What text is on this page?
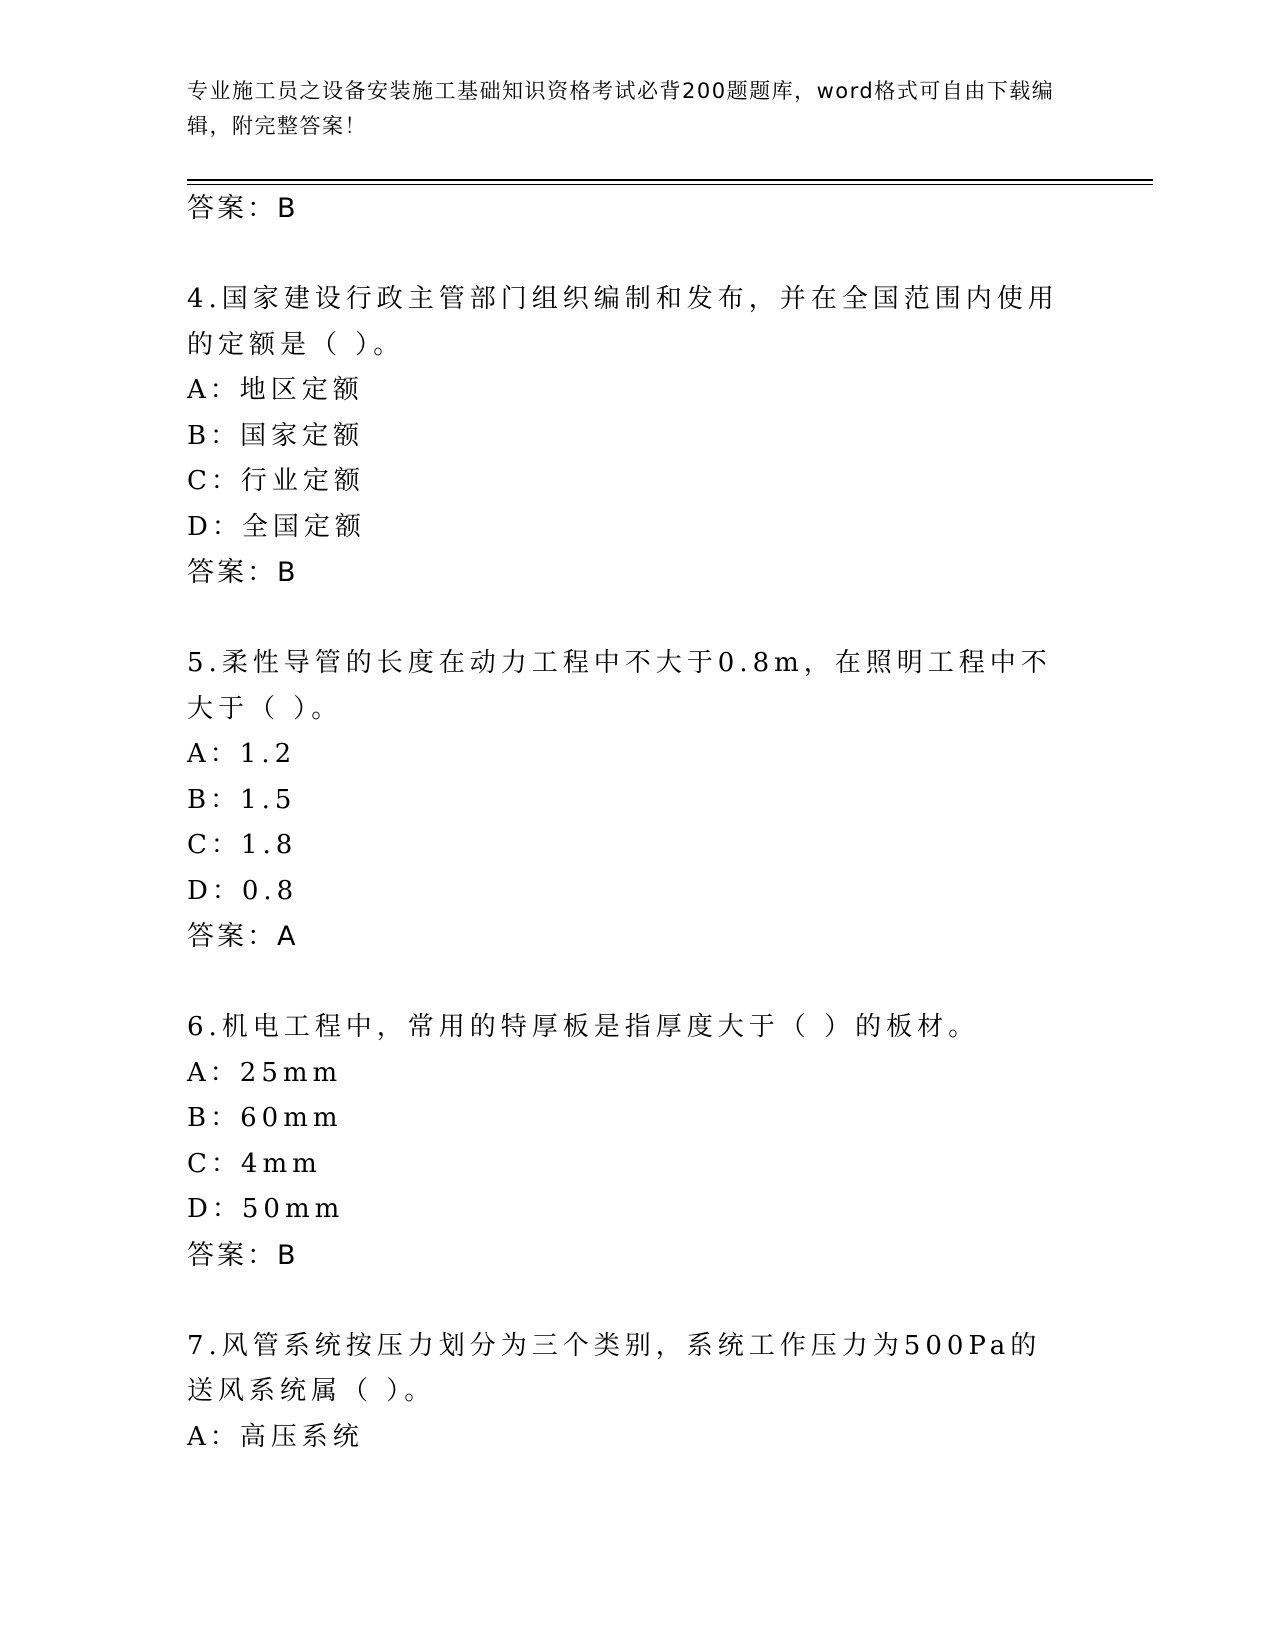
专业施工员之设备安装施工基础知识资格考试必背200题题库，word格式可自由下载编辑，附完整答案！
答案：B
4.国家建设行政主管部门组织编制和发布，并在全国范围内使用的定额是（ ）。
A：地区定额
B：国家定额
C：行业定额
D：全国定额
答案：B
5.柔性导管的长度在动力工程中不大于0.8m，在照明工程中不大于（ ）。
A：1.2
B：1.5
C：1.8
D：0.8
答案：A
6.机电工程中，常用的特厚板是指厚度大于（ ）的板材。
A：25mm
B：60mm
C：4mm
D：50mm
答案：B
7.风管系统按压力划分为三个类别，系统工作压力为500Pa的送风系统属（ ）。
A：高压系统
